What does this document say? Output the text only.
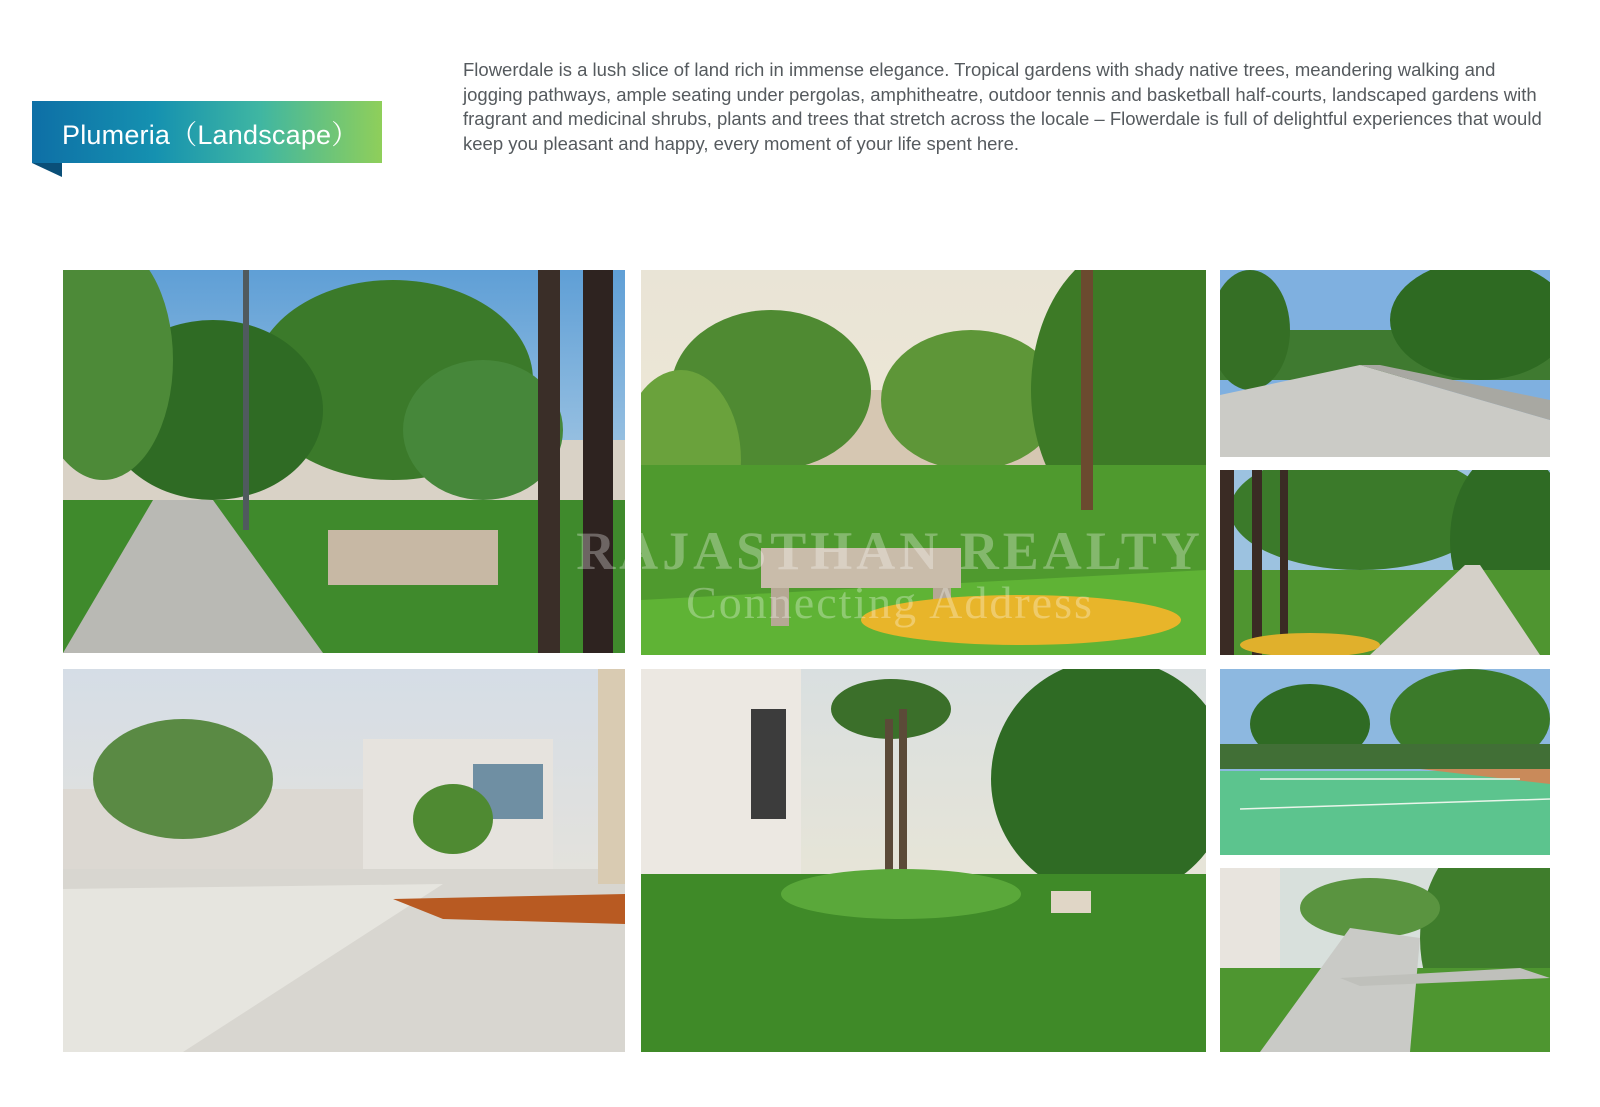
Plumeria（Landscape）

Flowerdale is a lush slice of land rich in immense elegance. Tropical gardens with shady native trees, meandering walking and jogging pathways, ample seating under pergolas, amphitheatre, outdoor tennis and basketball half-courts, landscaped gardens with fragrant and medicinal shrubs, plants and trees that stretch across the locale – Flowerdale is full of delightful experiences that would keep you pleasant and happy, every moment of your life spent here.

RAJASTHAN REALTY
Connecting Address
